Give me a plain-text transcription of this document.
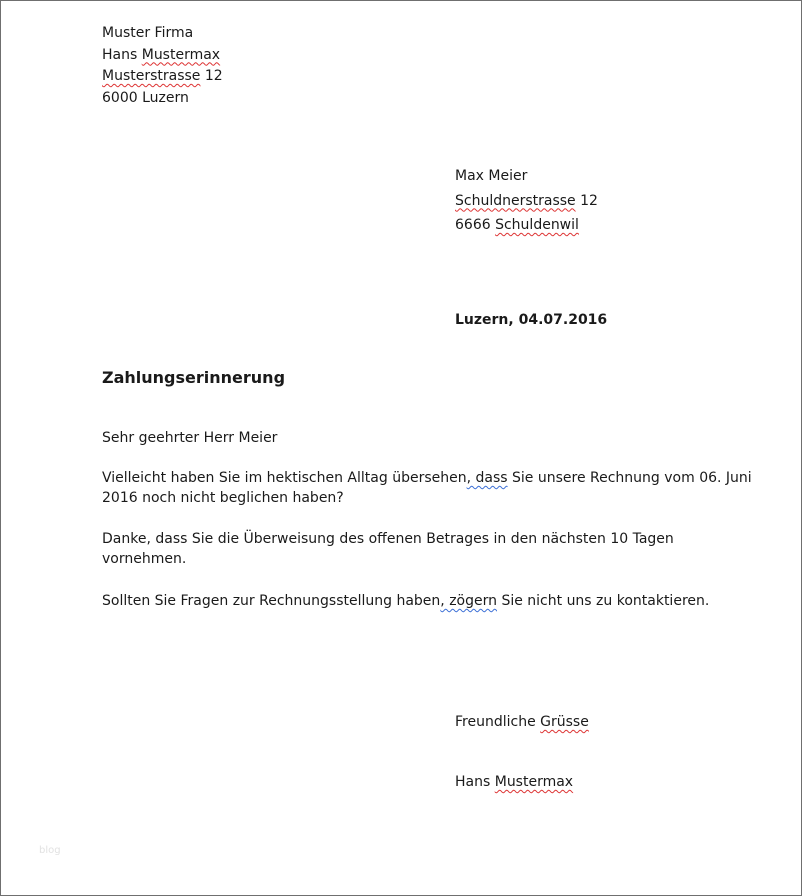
Muster Firma
Hans Mustermax
Musterstrasse 12
6000 Luzern
Max Meier
Schuldnerstrasse 12
6666 Schuldenwil
Luzern, 04.07.2016
Zahlungserinnerung
Sehr geehrter Herr Meier
Vielleicht haben Sie im hektischen Alltag übersehen, dass Sie unsere Rechnung vom 06. Juni
2016 noch nicht beglichen haben?
Danke, dass Sie die Überweisung des offenen Betrages in den nächsten 10 Tagen
vornehmen.
Sollten Sie Fragen zur Rechnungsstellung haben, zögern Sie nicht uns zu kontaktieren.
Freundliche Grüsse
Hans Mustermax
blog
